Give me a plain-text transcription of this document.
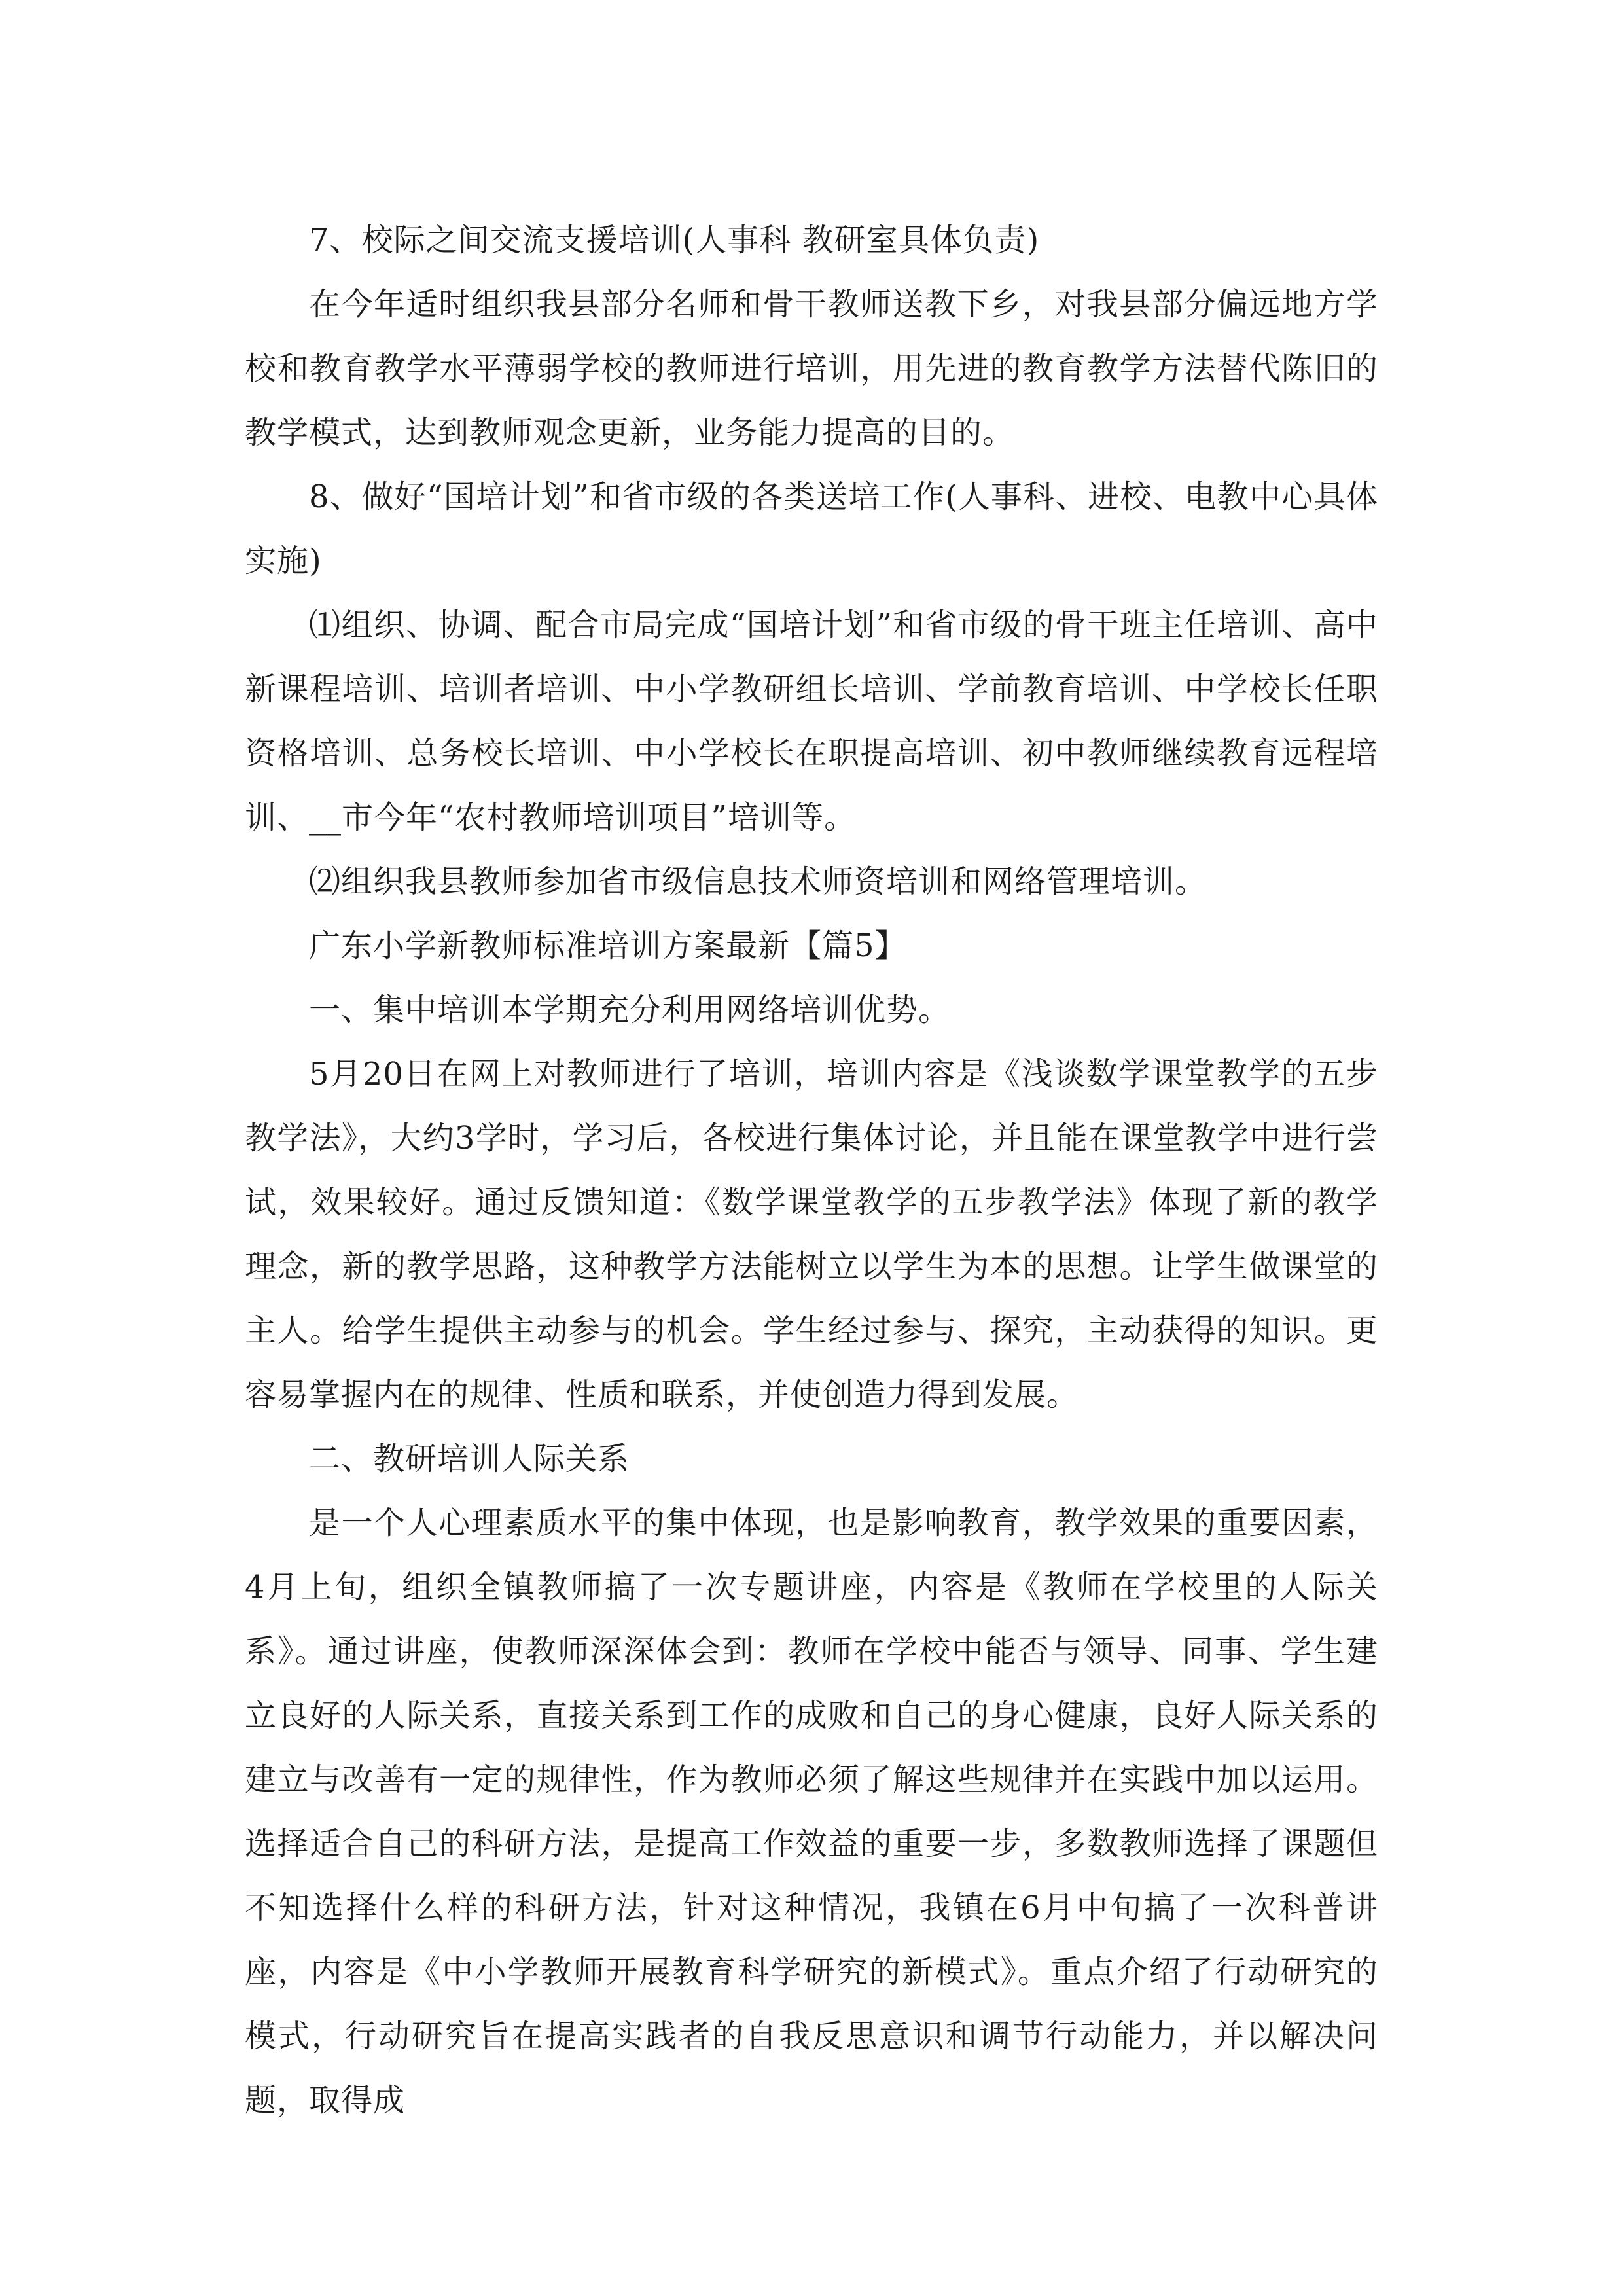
7、校际之间交流支援培训(人事科 教研室具体负责)

在今年适时组织我县部分名师和骨干教师送教下乡，对我县部分偏远地方学校和教育教学水平薄弱学校的教师进行培训，用先进的教育教学方法替代陈旧的教学模式，达到教师观念更新，业务能力提高的目的。

8、做好“国培计划”和省市级的各类送培工作(人事科、进校、电教中心具体实施)

⑴组织、协调、配合市局完成“国培计划”和省市级的骨干班主任培训、高中新课程培训、培训者培训、中小学教研组长培训、学前教育培训、中学校长任职资格培训、总务校长培训、中小学校长在职提高培训、初中教师继续教育远程培训、__市今年“农村教师培训项目”培训等。

⑵组织我县教师参加省市级信息技术师资培训和网络管理培训。

广东小学新教师标准培训方案最新【篇5】

一、集中培训本学期充分利用网络培训优势。

5月20日在网上对教师进行了培训，培训内容是《浅谈数学课堂教学的五步教学法》，大约3学时，学习后，各校进行集体讨论，并且能在课堂教学中进行尝试，效果较好。通过反馈知道：《数学课堂教学的五步教学法》体现了新的教学理念，新的教学思路，这种教学方法能树立以学生为本的思想。让学生做课堂的主人。给学生提供主动参与的机会。学生经过参与、探究，主动获得的知识。更容易掌握内在的规律、性质和联系，并使创造力得到发展。

二、教研培训人际关系

是一个人心理素质水平的集中体现，也是影响教育，教学效果的重要因素，4月上旬，组织全镇教师搞了一次专题讲座，内容是《教师在学校里的人际关系》。通过讲座，使教师深深体会到：教师在学校中能否与领导、同事、学生建立良好的人际关系，直接关系到工作的成败和自己的身心健康，良好人际关系的建立与改善有一定的规律性，作为教师必须了解这些规律并在实践中加以运用。选择适合自己的科研方法，是提高工作效益的重要一步，多数教师选择了课题但不知选择什么样的科研方法，针对这种情况，我镇在6月中旬搞了一次科普讲座，内容是《中小学教师开展教育科学研究的新模式》。重点介绍了行动研究的模式，行动研究旨在提高实践者的自我反思意识和调节行动能力，并以解决问题，取得成
